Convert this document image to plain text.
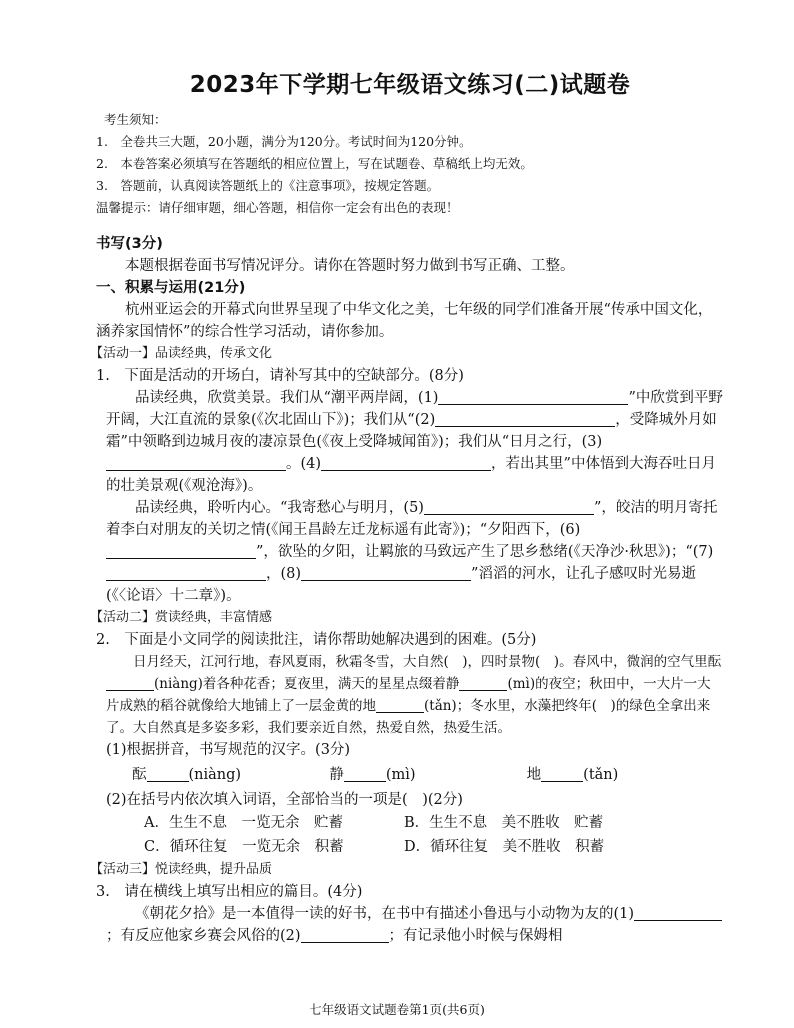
2023年下学期七年级语文练习(二)试题卷
考生须知：
1.　全卷共三大题，20小题，满分为120分。考试时间为120分钟。
2.　本卷答案必须填写在答题纸的相应位置上，写在试题卷、草稿纸上均无效。
3.　答题前，认真阅读答题纸上的《注意事项》，按规定答题。
温馨提示：请仔细审题，细心答题，相信你一定会有出色的表现！

书写(3分)

本题根据卷面书写情况评分。请你在答题时努力做到书写正确、工整。

一、积累与运用(21分)

杭州亚运会的开幕式向世界呈现了中华文化之美，七年级的同学们准备开展“传承中国文化，涵养家国情怀”的综合性学习活动，请你参加。

【活动一】品读经典，传承文化

1.　下面是活动的开场白，请补写其中的空缺部分。(8分)

品读经典，欣赏美景。我们从“潮平两岸阔，(1)	”中欣赏到平野开阔，大江直流的景象(《次北固山下》)；我们从“(2)	，受降城外月如霜”中领略到边城月夜的凄凉景色(《夜上受降城闻笛》)；我们从“日月之行，(3)。(4)	，若出其里”中体悟到大海吞吐日月的壮美景观(《观沧海》)。

品读经典，聆听内心。“我寄愁心与明月，(5)	”，皎洁的明月寄托着李白对朋友的关切之情(《闻王昌龄左迁龙标遥有此寄》)；“夕阳西下，(6)”，欲坠的夕阳，让羁旅的马致远产生了思乡愁绪(《天净沙·秋思》)；“(7)，(8)	”滔滔的河水，让孔子感叹时光易逝(《〈论语〉十二章》)。

【活动二】赏读经典，丰富情感

2.　下面是小文同学的阅读批注，请你帮助她解决遇到的困难。(5分)

日月经天，江河行地，春风夏雨，秋霜冬雪，大自然(　)，四时景物(　)。春风中，微润的空气里酝(niàng)着各种花香；夏夜里，满天的星星点缀着静	(mì)的夜空；秋田中，一大片一大片成熟的稻谷就像给大地铺上了一层金黄的地	(tǎn)；冬水里，水藻把终年(　)的绿色全拿出来了。大自然真是多姿多彩，我们要亲近自然，热爱自然，热爱生活。

(1)根据拼音，书写规范的汉字。(3分)

酝	(niàng)	静	(mì)	地	(tǎn)

(2)在括号内依次填入词语，全部恰当的一项是(　)(2分)

A．生生不息　一览无余　贮蓄	B．生生不息　美不胜收　贮蓄
C．循环往复　一览无余　积蓄	D．循环往复　美不胜收　积蓄
【活动三】悦读经典，提升品质

3.　请在横线上填写出相应的篇目。(4分)

《朝花夕拾》是一本值得一读的好书，在书中有描述小鲁迅与小动物为友的(1)；有反应他家乡赛会风俗的(2)	；有记录他小时候与保姆相

七年级语文试题卷第1页(共6页)
